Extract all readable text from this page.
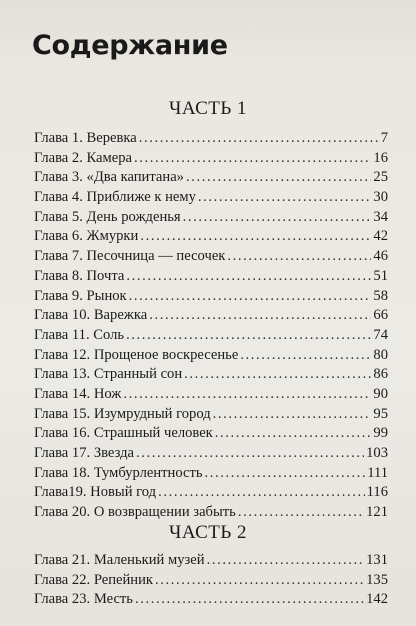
Содержание
ЧАСТЬ 1
Глава 1. Веревка .....	7
Глава 2. Камера .....	16
Глава 3. «Два капитана» .....	25
Глава 4. Приближе к нему .....	30
Глава 5. День рожденья .....	34
Глава 6. Жмурки .....	42
Глава 7. Песочница — песочек .....	46
Глава 8. Почта .....	51
Глава 9. Рынок .....	58
Глава 10. Варежка .....	66
Глава 11. Соль .....	74
Глава 12. Прощеное воскресенье .....	80
Глава 13. Странный сон .....	86
Глава 14. Нож .....	90
Глава 15. Изумрудный город .....	95
Глава 16. Страшный человек .....	99
Глава 17. Звезда .....	103
Глава 18. Тумбурлентность .....	111
Глава19. Новый год .....	116
Глава 20. О возвращении забыть .....	121
ЧАСТЬ 2
Глава 21. Маленький музей .....	131
Глава 22. Репейник .....	135
Глава 23. Месть .....	142
